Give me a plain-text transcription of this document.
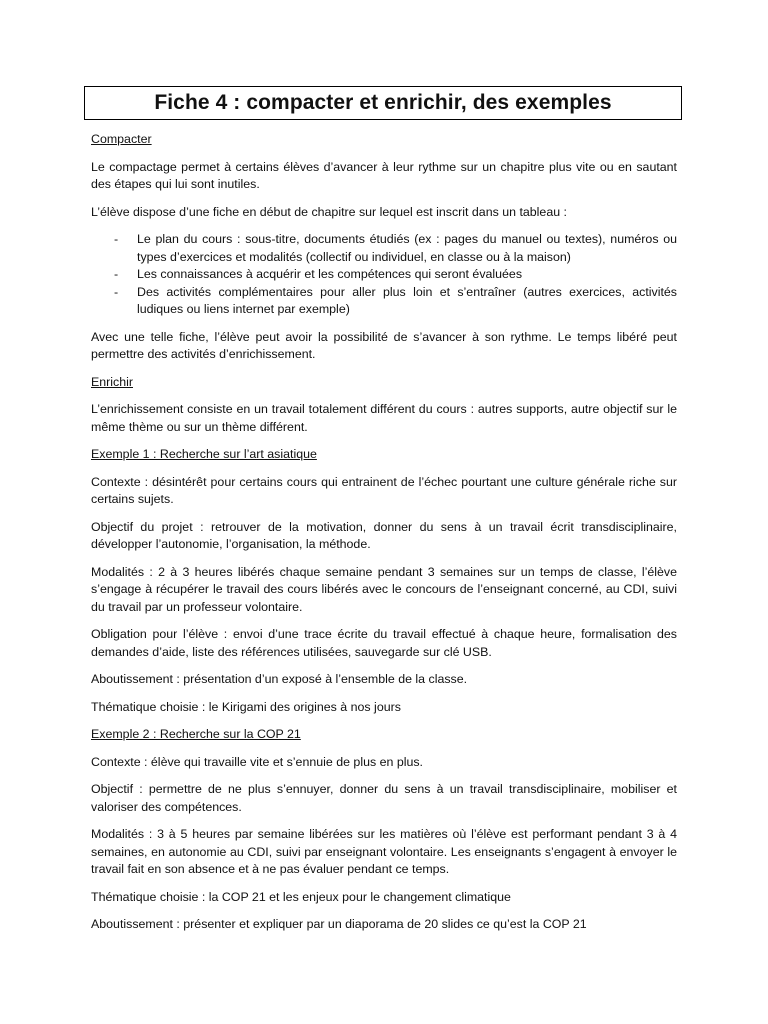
Fiche 4 : compacter et enrichir, des exemples

Compacter

Le compactage permet à certains élèves d’avancer à leur rythme sur un chapitre plus vite ou en sautant des étapes qui lui sont inutiles.

L’élève dispose d’une fiche en début de chapitre sur lequel est inscrit dans un tableau :

- Le plan du cours : sous-titre, documents étudiés (ex : pages du manuel ou textes), numéros ou types d’exercices et modalités (collectif ou individuel, en classe ou à la maison)
- Les connaissances à acquérir et les compétences qui seront évaluées
- Des activités complémentaires pour aller plus loin et s’entraîner (autres exercices, activités ludiques ou liens internet par exemple)

Avec une telle fiche, l’élève peut avoir la possibilité de s’avancer à son rythme. Le temps libéré peut permettre des activités d’enrichissement.

Enrichir

L’enrichissement consiste en un travail totalement différent du cours : autres supports, autre objectif sur le même thème ou sur un thème différent.

Exemple 1 : Recherche sur l’art asiatique

Contexte : désintérêt pour certains cours qui entrainent de l’échec pourtant une culture générale riche sur certains sujets.

Objectif du projet : retrouver de la motivation, donner du sens à un travail écrit transdisciplinaire, développer l’autonomie, l’organisation, la méthode.

Modalités : 2 à 3 heures libérés chaque semaine pendant 3 semaines sur un temps de classe, l’élève s’engage à récupérer le travail des cours libérés avec le concours de l’enseignant concerné, au CDI, suivi du travail par un professeur volontaire.

Obligation pour l’élève : envoi d’une trace écrite du travail effectué à chaque heure, formalisation des demandes d’aide, liste des références utilisées, sauvegarde sur clé USB.

Aboutissement : présentation d’un exposé à l’ensemble de la classe.

Thématique choisie : le Kirigami des origines à nos jours

Exemple 2 : Recherche sur la COP 21

Contexte : élève qui travaille vite et s’ennuie de plus en plus.

Objectif : permettre de ne plus s’ennuyer, donner du sens à un travail transdisciplinaire, mobiliser et valoriser des compétences.

Modalités : 3 à 5 heures par semaine libérées sur les matières où l’élève est performant pendant 3 à 4 semaines, en autonomie au CDI, suivi par enseignant volontaire. Les enseignants s’engagent à envoyer le travail fait en son absence et à ne pas évaluer pendant ce temps.

Thématique choisie : la COP 21 et les enjeux pour le changement climatique

Aboutissement : présenter et expliquer par un diaporama de 20 slides ce qu’est la COP 21
